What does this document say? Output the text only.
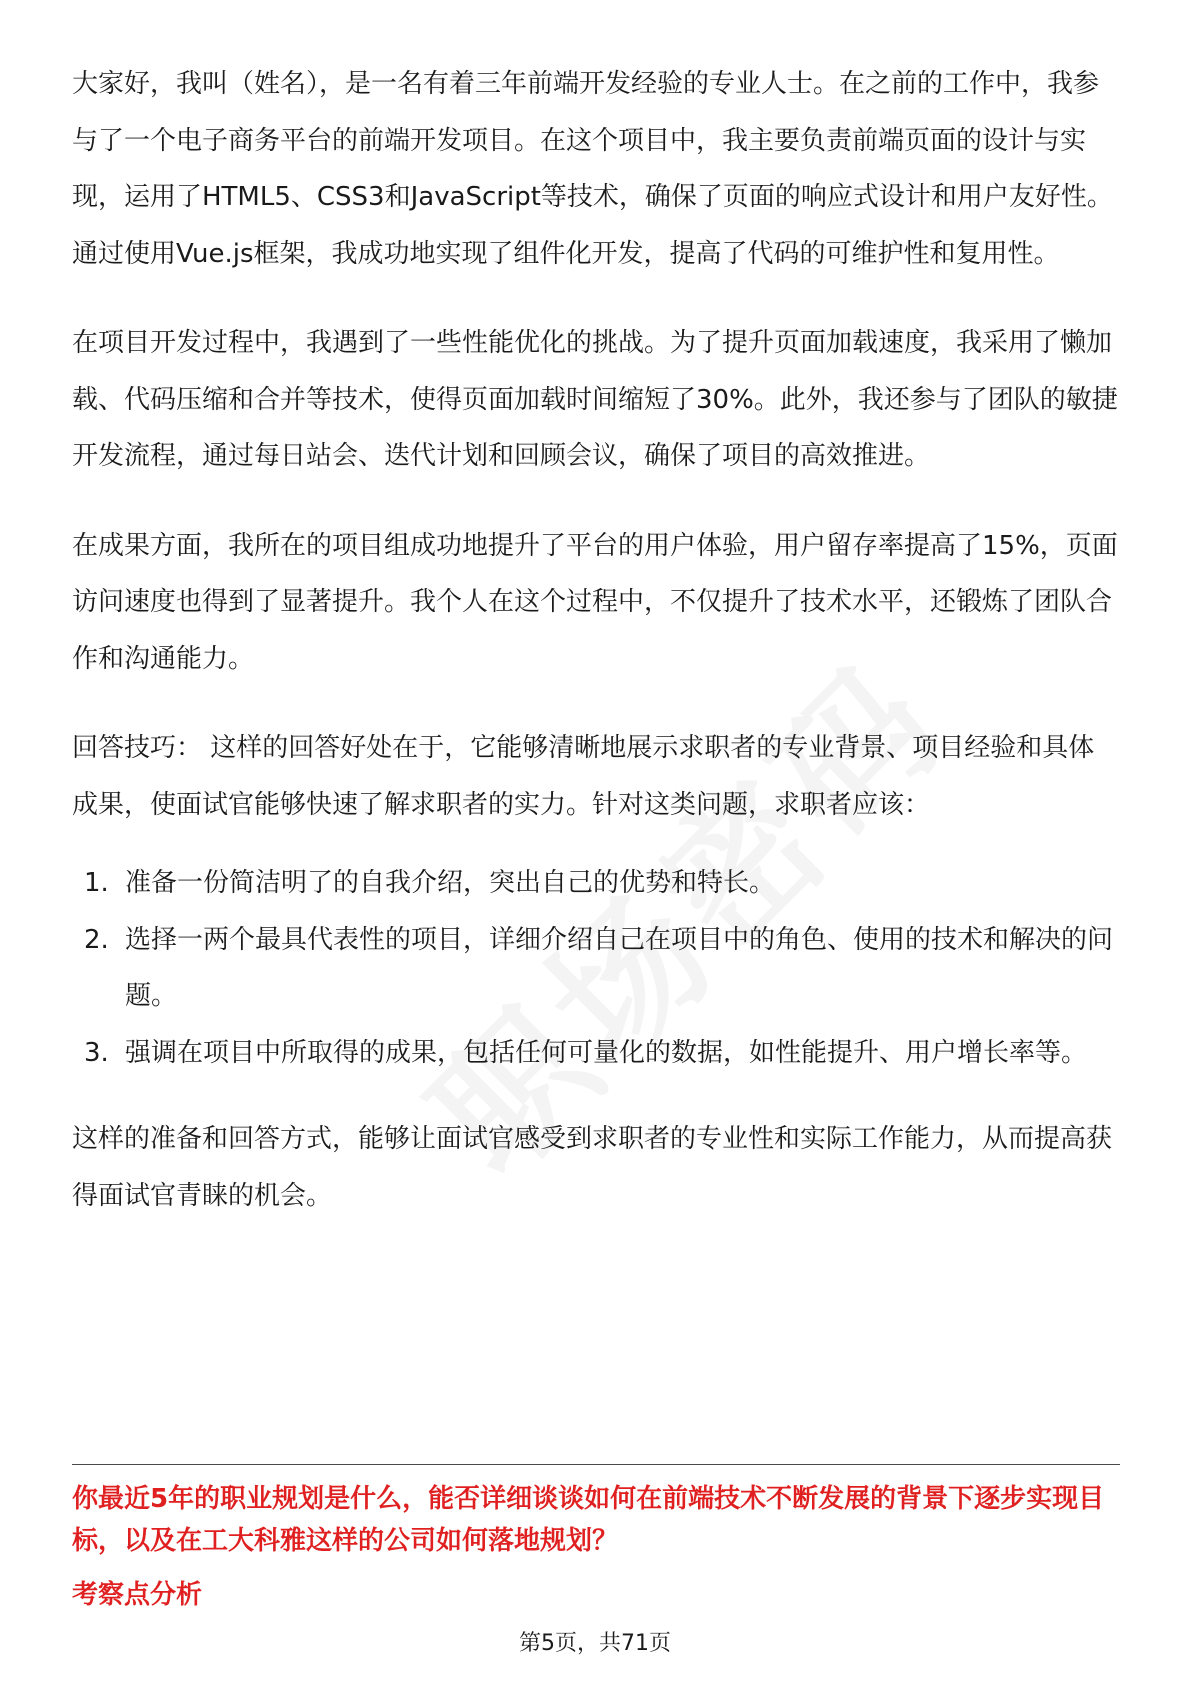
大家好，我叫（姓名），是一名有着三年前端开发经验的专业人士。在之前的工作中，我参与了一个电子商务平台的前端开发项目。在这个项目中，我主要负责前端页面的设计与实现，运用了HTML5、CSS3和JavaScript等技术，确保了页面的响应式设计和用户友好性。通过使用Vue.js框架，我成功地实现了组件化开发，提高了代码的可维护性和复用性。

在项目开发过程中，我遇到了一些性能优化的挑战。为了提升页面加载速度，我采用了懒加载、代码压缩和合并等技术，使得页面加载时间缩短了30%。此外，我还参与了团队的敏捷开发流程，通过每日站会、迭代计划和回顾会议，确保了项目的高效推进。

在成果方面，我所在的项目组成功地提升了平台的用户体验，用户留存率提高了15%，页面访问速度也得到了显著提升。我个人在这个过程中，不仅提升了技术水平，还锻炼了团队合作和沟通能力。

回答技巧： 这样的回答好处在于，它能够清晰地展示求职者的专业背景、项目经验和具体成果，使面试官能够快速了解求职者的实力。针对这类问题，求职者应该：

1. 准备一份简洁明了的自我介绍，突出自己的优势和特长。
2. 选择一两个最具代表性的项目，详细介绍自己在项目中的角色、使用的技术和解决的问题。
3. 强调在项目中所取得的成果，包括任何可量化的数据，如性能提升、用户增长率等。

这样的准备和回答方式，能够让面试官感受到求职者的专业性和实际工作能力，从而提高获得面试官青睐的机会。

你最近5年的职业规划是什么，能否详细谈谈如何在前端技术不断发展的背景下逐步实现目标，以及在工大科雅这样的公司如何落地规划？
考察点分析
第5页，共71页
